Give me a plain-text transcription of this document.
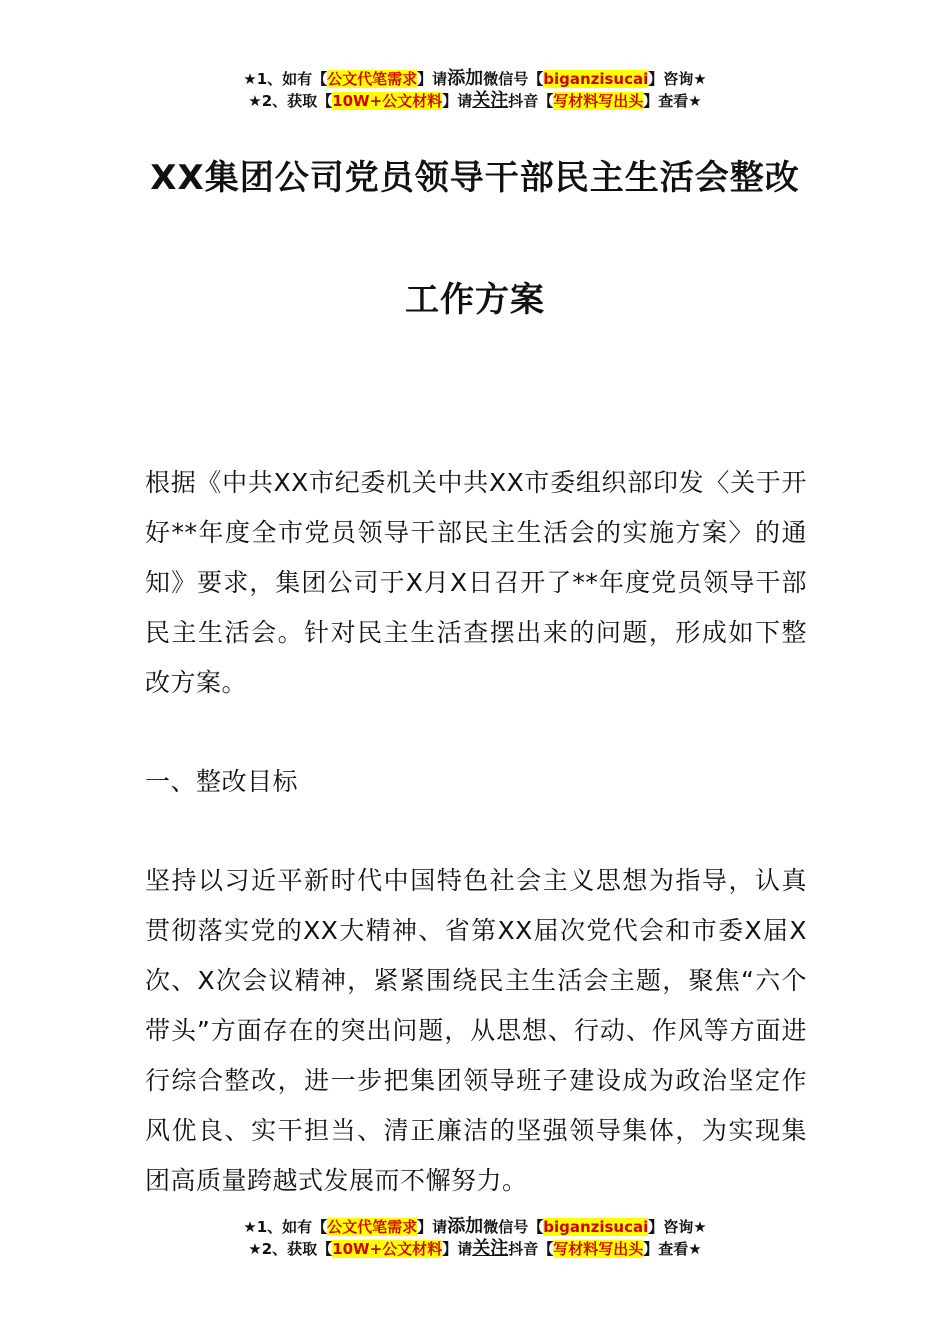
★1、如有【公文代笔需求】请添加微信号【biganzisucai】咨询★
★2、获取【10W+公文材料】请关注抖音【写材料写出头】查看★
XX集团公司党员领导干部民主生活会整改
工作方案
根据《中共XX市纪委机关中共XX市委组织部印发〈关于开好**年度全市党员领导干部民主生活会的实施方案〉的通知》要求，集团公司于X月X日召开了**年度党员领导干部民主生活会。针对民主生活查摆出来的问题，形成如下整改方案。
一、整改目标
坚持以习近平新时代中国特色社会主义思想为指导，认真贯彻落实党的XX大精神、省第XX届次党代会和市委X届X次、X次会议精神，紧紧围绕民主生活会主题，聚焦“六个带头”方面存在的突出问题，从思想、行动、作风等方面进行综合整改，进一步把集团领导班子建设成为政治坚定作风优良、实干担当、清正廉洁的坚强领导集体，为实现集团高质量跨越式发展而不懈努力。
★1、如有【公文代笔需求】请添加微信号【biganzisucai】咨询★
★2、获取【10W+公文材料】请关注抖音【写材料写出头】查看★
